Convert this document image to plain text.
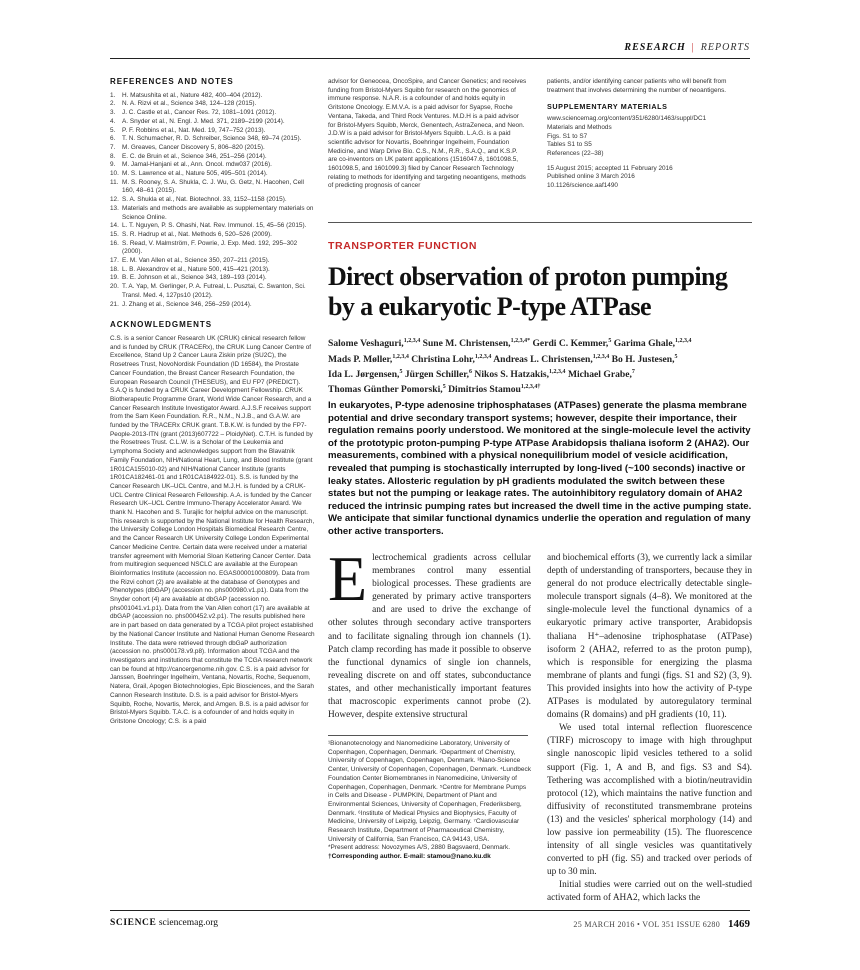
RESEARCH | REPORTS
REFERENCES AND NOTES
1.	H. Matsushita et al., Nature 482, 400–404 (2012).
2.	N. A. Rizvi et al., Science 348, 124–128 (2015).
3.	J. C. Castle et al., Cancer Res. 72, 1081–1091 (2012).
4.	A. Snyder et al., N. Engl. J. Med. 371, 2189–2199 (2014).
5.	P. F. Robbins et al., Nat. Med. 19, 747–752 (2013).
6.	T. N. Schumacher, R. D. Schreiber, Science 348, 69–74 (2015).
7.	M. Greaves, Cancer Discovery 5, 806–820 (2015).
8.	E. C. de Bruin et al., Science 346, 251–256 (2014).
9.	M. Jamal-Hanjani et al., Ann. Oncol. mdw037 (2016).
10. M. S. Lawrence et al., Nature 505, 495–501 (2014).
11. M. S. Rooney, S. A. Shukla, C. J. Wu, G. Getz, N. Hacohen, Cell 160, 48–61 (2015).
12. S. A. Shukla et al., Nat. Biotechnol. 33, 1152–1158 (2015).
13. Materials and methods are available as supplementary materials on Science Online.
14. L. T. Nguyen, P. S. Ohashi, Nat. Rev. Immunol. 15, 45–56 (2015).
15. S. R. Hadrup et al., Nat. Methods 6, 520–526 (2009).
16. S. Read, V. Malmström, F. Powrie, J. Exp. Med. 192, 295–302 (2000).
17. E. M. Van Allen et al., Science 350, 207–211 (2015).
18. L. B. Alexandrov et al., Nature 500, 415–421 (2013).
19. B. E. Johnson et al., Science 343, 189–193 (2014).
20. T. A. Yap, M. Gerlinger, P. A. Futreal, L. Pusztai, C. Swanton, Sci. Transl. Med. 4, 127ps10 (2012).
21. J. Zhang et al., Science 346, 256–259 (2014).
ACKNOWLEDGMENTS
C.S. is a senior Cancer Research UK (CRUK) clinical research fellow and is funded by CRUK (TRACERx), the CRUK Lung Cancer Centre of Excellence, Stand Up 2 Cancer Laura Ziskin prize (SU2C), the Rosetrees Trust, NovoNordisk Foundation (ID 16584), the Prostate Cancer Foundation, the Breast Cancer Research Foundation, the European Research Council (THESEUS), and EU FP7 (PREDICT). S.A.Q is funded by a CRUK Career Development Fellowship. CRUK Biotherapeutic Programme Grant, World Wide Cancer Research, and a Cancer Research Institute Investigator Award. A.J.S.F receives support from the Sam Keen Foundation. R.R., N.M., N.J.B., and G.A.W. are funded by the TRACERx CRUK grant. T.B.K.W. is funded by the FP7-People-2013-ITN (grant (2013)607722 – PloidyNet). C.T.H. is funded by the Rosetrees Trust. C.L.W. is a Scholar of the Leukemia and Lymphoma Society and acknowledges support from the Blavatnik Family Foundation, NIH/National Heart, Lung, and Blood Institute (grant 1R01CA155010-02) and NIH/National Cancer Institute (grants 1R01CA182461-01 and 1R01CA184922-01). S.S. is funded by the Cancer Research UK–UCL Centre, and M.J.H. is funded by a CRUK-UCL Centre Clinical Research Fellowship. A.A. is funded by the Cancer Research UK–UCL Centre Immuno-Therapy Accelerator Award. We thank N. Hacohen and S. Turajlic for helpful advice on the manuscript. This research is supported by the National Institute for Health Research, the University College London Hospitals Biomedical Research Centre, and the Cancer Research UK University College London Experimental Cancer Medicine Centre. Certain data were received under a material transfer agreement with Memorial Sloan Kettering Cancer Center. Data from multiregion sequenced NSCLC are available at the European Bioinformatics Institute (accession no. EGAS00001000809). Data from the Rizvi cohort (2) are available at the database of Genotypes and Phenotypes (dbGAP) (accession no. phs000980.v1.p1). Data from the Snyder cohort (4) are available at dbGAP (accession no. phs001041.v1.p1). Data from the Van Allen cohort (17) are available at dbGAP (accession no. phs000452.v2.p1). The results published here are in part based on data generated by a TCGA pilot project established by the National Cancer Institute and National Human Genome Research Institute. The data were retrieved through dbGaP authorization (accession no. phs000178.v9.p8). Information about TCGA and the investigators and institutions that constitute the TCGA research network can be found at http://cancergenome.nih.gov. C.S. is a paid advisor for Janssen, Boehringer Ingelheim, Ventana, Novartis, Roche, Sequenom, Natera, Grail, Apogen Biotechnologies, Epic Biosciences, and the Sarah Cannon Research Institute. D.S. is a paid advisor for Bristol-Myers Squibb, Roche, Novartis, Merck, and Amgen. B.S. is a paid advisor for Bristol-Myers Squibb. T.A.C. is a cofounder of and holds equity in Gritstone Oncology; C.S. is a paid
advisor for Geneocea, OncoSpire, and Cancer Genetics; and receives funding from Bristol-Myers Squibb for research on the genomics of immune response. N.A.R. is a cofounder of and holds equity in Gritstone Oncology. E.M.V.A. is a paid advisor for Syapse, Roche Ventana, Takeda, and Third Rock Ventures. M.D.H is a paid advisor for Bristol-Myers Squibb, Merck, Genentech, AstraZeneca, and Neon. J.D.W is a paid advisor for Bristol-Myers Squibb. L.A.G. is a paid scientific advisor for Novartis, Boehringer Ingelheim, Foundation Medicine, and Warp Drive Bio. C.S., N.M., R.R., S.A.Q., and K.S.P. are co-inventors on UK patent applications (1516047.6, 1601098.5, 1601098.5, and 1601099.3) filed by Cancer Research Technology relating to methods for identifying and targeting neoantigens, methods of predicting prognosis of cancer
patients, and/or identifying cancer patients who will benefit from treatment that involves determining the number of neoantigens.
SUPPLEMENTARY MATERIALS
www.sciencemag.org/content/351/6280/1463/suppl/DC1
Materials and Methods
Figs. S1 to S7
Tables S1 to S5
References (22–38)
15 August 2015; accepted 11 February 2016
Published online 3 March 2016
10.1126/science.aaf1490
TRANSPORTER FUNCTION
Direct observation of proton pumping by a eukaryotic P-type ATPase
Salome Veshaguri,$^{1,2,3,4}$ Sune M. Christensen,$^{1,2,3,4*}$ Gerdi C. Kemmer,$^5$ Garima Ghale,$^{1,2,3,4}$ Mads P. Møller,$^{1,2,3,4}$ Christina Lohr,$^{1,2,3,4}$ Andreas L. Christensen,$^{1,2,3,4}$ Bo H. Justesen,$^5$ Ida L. Jørgensen,$^5$ Jürgen Schiller,$^6$ Nikos S. Hatzakis,$^{1,2,3,4}$ Michael Grabe,$^7$ Thomas Günther Pomorski,$^5$ Dimitrios Stamou$^{1,2,3,4\dagger}$
In eukaryotes, P-type adenosine triphosphatases (ATPases) generate the plasma membrane potential and drive secondary transport systems; however, despite their importance, their regulation remains poorly understood. We monitored at the single-molecule level the activity of the prototypic proton-pumping P-type ATPase Arabidopsis thaliana isoform 2 (AHA2). Our measurements, combined with a physical nonequilibrium model of vesicle acidification, revealed that pumping is stochastically interrupted by long-lived (~100 seconds) inactive or leaky states. Allosteric regulation by pH gradients modulated the switch between these states but not the pumping or leakage rates. The autoinhibitory regulatory domain of AHA2 reduced the intrinsic pumping rates but increased the dwell time in the active pumping state. We anticipate that similar functional dynamics underlie the operation and regulation of many other active transporters.
Electrochemical gradients across cellular membranes control many essential biological processes. These gradients are generated by primary active transporters and are used to drive the exchange of other solutes through secondary active transporters and to facilitate signaling through ion channels (1). Patch clamp recording has made it possible to observe the functional dynamics of single ion channels, revealing discrete on and off states, subconductance states, and other mechanistically important features that macroscopic experiments cannot probe (2). However, despite extensive structural
¹Bionanotecnology and Nanomedicine Laboratory, University of Copenhagen, Copenhagen, Denmark. ²Department of Chemistry, University of Copenhagen, Copenhagen, Denmark. ³Nano-Science Center, University of Copenhagen, Copenhagen, Denmark. ⁴Lundbeck Foundation Center Biomembranes in Nanomedicine, University of Copenhagen, Copenhagen, Denmark. ⁵Centre for Membrane Pumps in Cells and Disease - PUMPKIN, Department of Plant and Environmental Sciences, University of Copenhagen, Frederiksberg, Denmark. ⁶Institute of Medical Physics and Biophysics, Faculty of Medicine, University of Leipzig, Leipzig, Germany. ⁷Cardiovascular Research Institute, Department of Pharmaceutical Chemistry, University of California, San Francisco, CA 94143, USA.
*Present address: Novozymes A/S, 2880 Bagsvaerd, Denmark.
†Corresponding author. E-mail: stamou@nano.ku.dk

and biochemical efforts (3), we currently lack a similar depth of understanding of transporters, because they in general do not produce electrically detectable single-molecule transport signals (4–8). We monitored at the single-molecule level the functional dynamics of a eukaryotic primary active transporter, Arabidopsis thaliana H⁺–adenosine triphosphatase (ATPase) isoform 2 (AHA2, referred to as the proton pump), which is responsible for energizing the plasma membrane of plants and fungi (figs. S1 and S2) (3, 9). This provided insights into how the activity of P-type ATPases is modulated by autoregulatory terminal domains (R domains) and pH gradients (10, 11).

We used total internal reflection fluorescence (TIRF) microscopy to image with high throughput single nanoscopic lipid vesicles tethered to a solid support (Fig. 1, A and B, and figs. S3 and S4). Tethering was accomplished with a biotin/neutravidin protocol (12), which maintains the native function and diffusivity of reconstituted transmembrane proteins (13) and the vesicles' spherical morphology (14) and low passive ion permeability (15). The fluorescence intensity of all single vesicles was quantitatively converted to pH (fig. S5) and tracked over periods of up to 30 min.

Initial studies were carried out on the well-studied activated form of AHA2, which lacks the

SCIENCE sciencemag.org	25 MARCH 2016 • VOL 351 ISSUE 6280 1469
